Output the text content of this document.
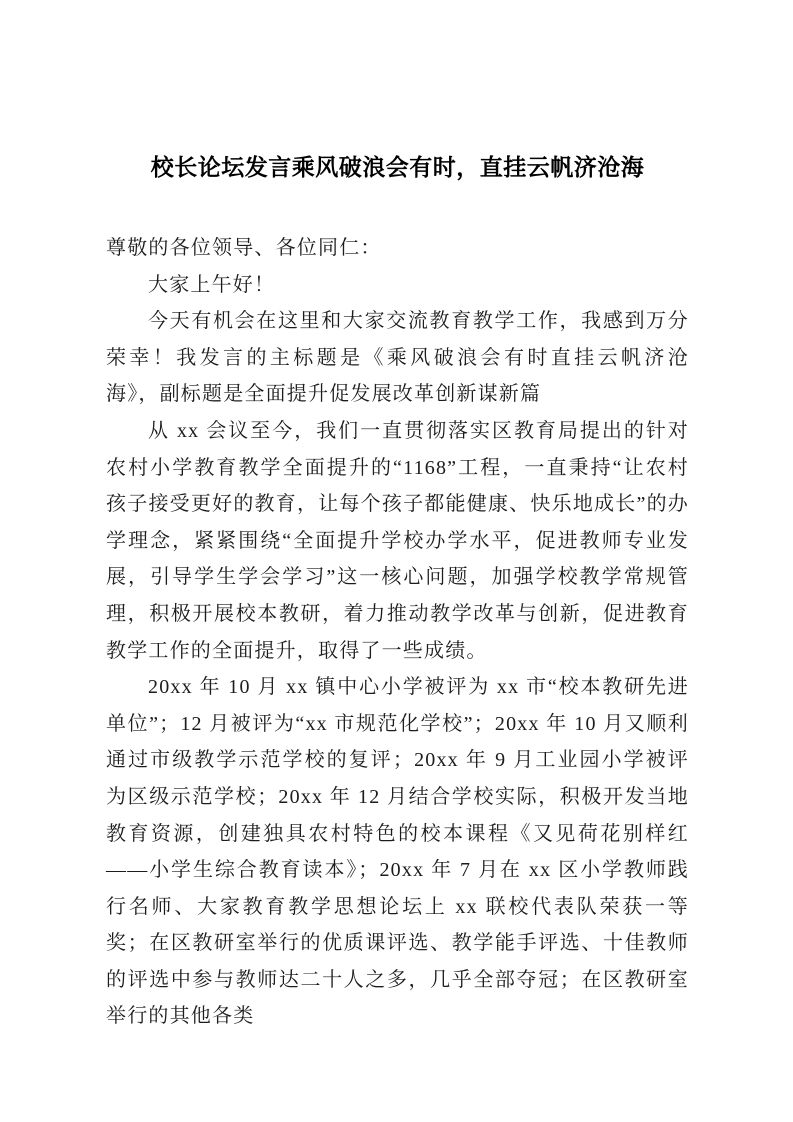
校长论坛发言乘风破浪会有时，直挂云帆济沧海

尊敬的各位领导、各位同仁：

大家上午好！

今天有机会在这里和大家交流教育教学工作，我感到万分荣幸！我发言的主标题是《乘风破浪会有时直挂云帆济沧海》，副标题是全面提升促发展改革创新谋新篇

从 xx 会议至今，我们一直贯彻落实区教育局提出的针对农村小学教育教学全面提升的“1168”工程，一直秉持“让农村孩子接受更好的教育，让每个孩子都能健康、快乐地成长”的办学理念，紧紧围绕“全面提升学校办学水平，促进教师专业发展，引导学生学会学习”这一核心问题，加强学校教学常规管理，积极开展校本教研，着力推动教学改革与创新，促进教育教学工作的全面提升，取得了一些成绩。

20xx 年 10 月 xx 镇中心小学被评为 xx 市“校本教研先进单位”；12 月被评为“xx 市规范化学校”；20xx 年 10 月又顺利通过市级教学示范学校的复评；20xx 年 9 月工业园小学被评为区级示范学校；20xx 年 12 月结合学校实际，积极开发当地教育资源，创建独具农村特色的校本课程《又见荷花别样红——小学生综合教育读本》；20xx 年 7 月在 xx 区小学教师践行名师、大家教育教学思想论坛上 xx 联校代表队荣获一等奖；在区教研室举行的优质课评选、教学能手评选、十佳教师的评选中参与教师达二十人之多，几乎全部夺冠；在区教研室举行的其他各类
